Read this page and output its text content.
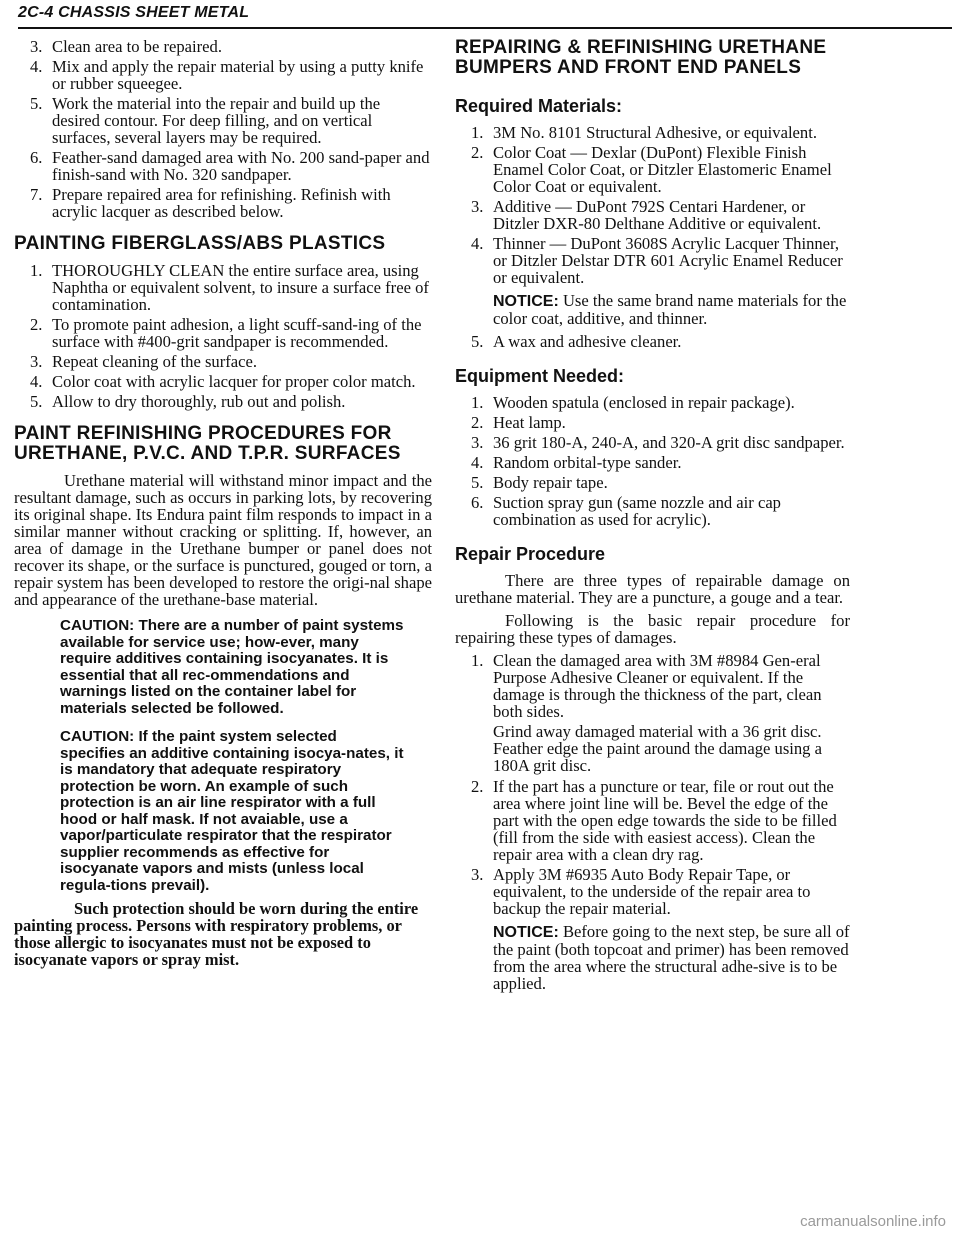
2C-4 CHASSIS SHEET METAL
3. Clean area to be repaired.
4. Mix and apply the repair material by using a putty knife or rubber squeegee.
5. Work the material into the repair and build up the desired contour. For deep filling, and on vertical surfaces, several layers may be required.
6. Feather-sand damaged area with No. 200 sand-paper and finish-sand with No. 320 sandpaper.
7. Prepare repaired area for refinishing. Refinish with acrylic lacquer as described below.
PAINTING FIBERGLASS/ABS PLASTICS
1. THOROUGHLY CLEAN the entire surface area, using Naphtha or equivalent solvent, to insure a surface free of contamination.
2. To promote paint adhesion, a light scuff-sand-ing of the surface with #400-grit sandpaper is recommended.
3. Repeat cleaning of the surface.
4. Color coat with acrylic lacquer for proper color match.
5. Allow to dry thoroughly, rub out and polish.
PAINT REFINISHING PROCEDURES FOR
URETHANE, P.V.C. AND T.P.R. SURFACES

Urethane material will withstand minor impact and the resultant damage, such as occurs in parking lots, by recovering its original shape. Its Endura paint film responds to impact in a similar manner without cracking or splitting. If, however, an area of damage in the Urethane bumper or panel does not recover its shape, or the surface is punctured, gouged or torn, a repair system has been developed to restore the origi-nal shape and appearance of the urethane-base material.

CAUTION: There are a number of paint systems available for service use; how-ever, many require additives containing isocyanates. It is essential that all rec-ommendations and warnings listed on the container label for materials selected be followed.

CAUTION: If the paint system selected specifies an additive containing isocya-nates, it is mandatory that adequate respiratory protection be worn. An example of such protection is an air line respirator with a full hood or half mask. If not avaiable, use a vapor/particulate respirator that the respirator supplier recommends as effective for isocyanate vapors and mists (unless local regula-tions prevail).

Such protection should be worn during the entire painting process. Persons with respiratory problems, or those allergic to isocyanates must not be exposed to isocyanate vapors or spray mist.

REPAIRING & REFINISHING URETHANE
BUMPERS AND FRONT END PANELS
Required Materials:
1. 3M No. 8101 Structural Adhesive, or equivalent.
2. Color Coat — Dexlar (DuPont) Flexible Finish Enamel Color Coat, or Ditzler Elastomeric Enamel Color Coat or equivalent.
3. Additive — DuPont 792S Centari Hardener, or Ditzler DXR-80 Delthane Additive or equivalent.
4. Thinner — DuPont 3608S Acrylic Lacquer Thinner, or Ditzler Delstar DTR 601 Acrylic Enamel Reducer or equivalent.

NOTICE: Use the same brand name materials for the color coat, additive, and thinner.

5. A wax and adhesive cleaner.
Equipment Needed:
1. Wooden spatula (enclosed in repair package).
2. Heat lamp.
3. 36 grit 180-A, 240-A, and 320-A grit disc sandpaper.
4. Random orbital-type sander.
5. Body repair tape.
6. Suction spray gun (same nozzle and air cap combination as used for acrylic).
Repair Procedure

There are three types of repairable damage on urethane material. They are a puncture, a gouge and a tear.

Following is the basic repair procedure for repairing these types of damages.

1. Clean the damaged area with 3M #8984 Gen-eral Purpose Adhesive Cleaner or equivalent. If the damage is through the thickness of the part, clean both sides.

Grind away damaged material with a 36 grit disc. Feather edge the paint around the damage using a 180A grit disc.

2. If the part has a puncture or tear, file or rout out the area where joint line will be. Bevel the edge of the part with the open edge towards the side to be filled (fill from the side with easiest access). Clean the repair area with a clean dry rag.
3. Apply 3M #6935 Auto Body Repair Tape, or equivalent, to the underside of the repair area to backup the repair material.

NOTICE: Before going to the next step, be sure all of the paint (both topcoat and primer) has been removed from the area where the structural adhe-sive is to be applied.

carmanualsonline.info
